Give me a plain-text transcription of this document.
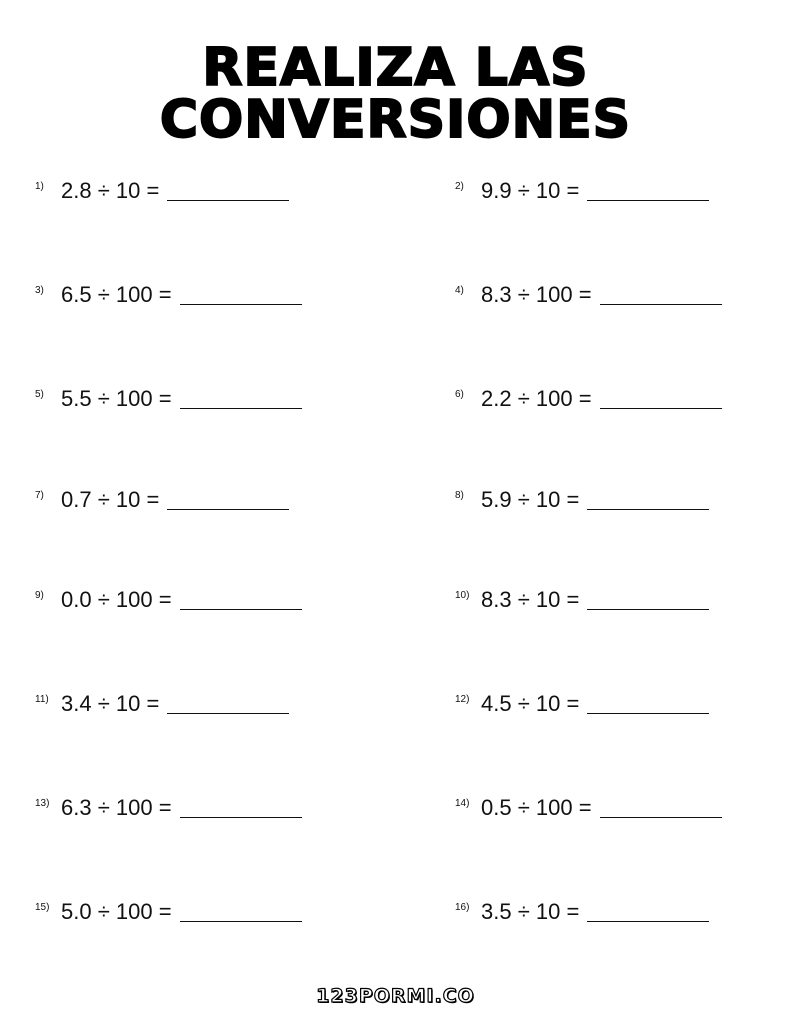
REALIZA LAS CONVERSIONES
1) 2.8 ÷ 10 =	2) 9.9 ÷ 10 =
3) 6.5 ÷ 100 =	4) 8.3 ÷ 100 =
5) 5.5 ÷ 100 =	6) 2.2 ÷ 100 =
7) 0.7 ÷ 10 =	8) 5.9 ÷ 10 =
9) 0.0 ÷ 100 =	10) 8.3 ÷ 10 =
11) 3.4 ÷ 10 =	12) 4.5 ÷ 10 =
13) 6.3 ÷ 100 =	14) 0.5 ÷ 100 =
15) 5.0 ÷ 100 =	16) 3.5 ÷ 10 =
123PORMI.CO
